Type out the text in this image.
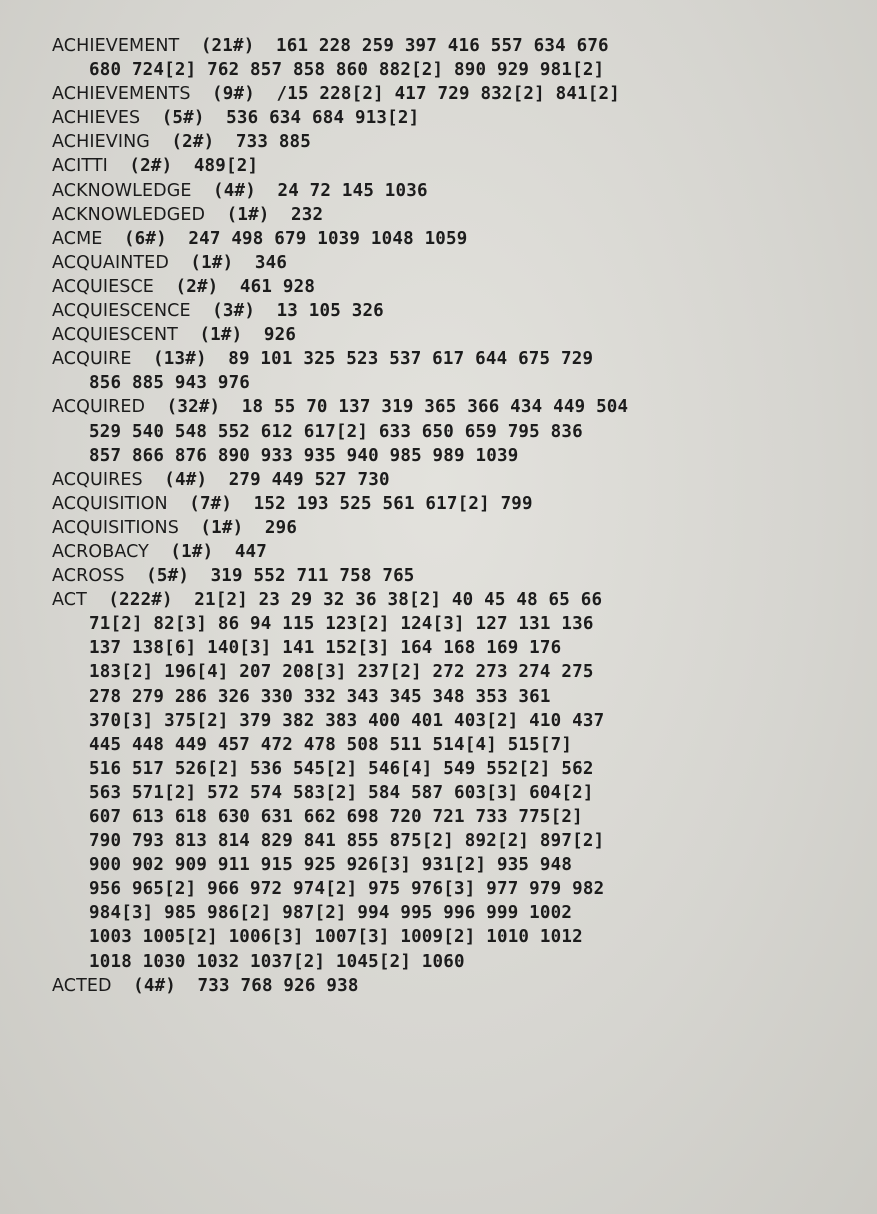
ACHIEVEMENT (21#) 161 228 259 397 416 557 634 676
680 724[2] 762 857 858 860 882[2] 890 929 981[2]
ACHIEVEMENTS (9#) /15 228[2] 417 729 832[2] 841[2]
ACHIEVES (5#) 536 634 684 913[2]
ACHIEVING (2#) 733 885
ACITTI (2#) 489[2]
ACKNOWLEDGE (4#) 24 72 145 1036
ACKNOWLEDGED (1#) 232
ACME (6#) 247 498 679 1039 1048 1059
ACQUAINTED (1#) 346
ACQUIESCE (2#) 461 928
ACQUIESCENCE (3#) 13 105 326
ACQUIESCENT (1#) 926
ACQUIRE (13#) 89 101 325 523 537 617 644 675 729
856 885 943 976
ACQUIRED (32#) 18 55 70 137 319 365 366 434 449 504
529 540 548 552 612 617[2] 633 650 659 795 836
857 866 876 890 933 935 940 985 989 1039
ACQUIRES (4#) 279 449 527 730
ACQUISITION (7#) 152 193 525 561 617[2] 799
ACQUISITIONS (1#) 296
ACROBACY (1#) 447
ACROSS (5#) 319 552 711 758 765
ACT (222#) 21[2] 23 29 32 36 38[2] 40 45 48 65 66
71[2] 82[3] 86 94 115 123[2] 124[3] 127 131 136
137 138[6] 140[3] 141 152[3] 164 168 169 176
183[2] 196[4] 207 208[3] 237[2] 272 273 274 275
278 279 286 326 330 332 343 345 348 353 361
370[3] 375[2] 379 382 383 400 401 403[2] 410 437
445 448 449 457 472 478 508 511 514[4] 515[7]
516 517 526[2] 536 545[2] 546[4] 549 552[2] 562
563 571[2] 572 574 583[2] 584 587 603[3] 604[2]
607 613 618 630 631 662 698 720 721 733 775[2]
790 793 813 814 829 841 855 875[2] 892[2] 897[2]
900 902 909 911 915 925 926[3] 931[2] 935 948
956 965[2] 966 972 974[2] 975 976[3] 977 979 982
984[3] 985 986[2] 987[2] 994 995 996 999 1002
1003 1005[2] 1006[3] 1007[3] 1009[2] 1010 1012
1018 1030 1032 1037[2] 1045[2] 1060
ACTED (4#) 733 768 926 938
